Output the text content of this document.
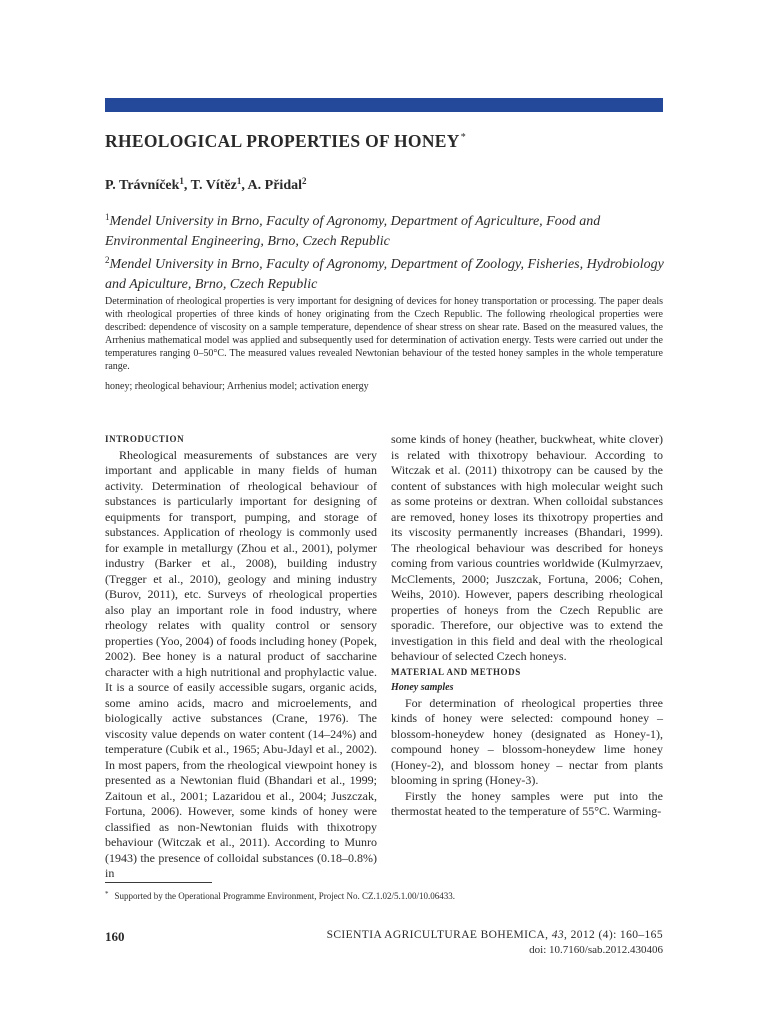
RHEOLOGICAL PROPERTIES OF HONEY*

P. Trávníček$^1$, T. Vítěz$^1$, A. Přidal$^2$

$^1$Mendel University in Brno, Faculty of Agronomy, Department of Agriculture, Food and Environmental Engineering, Brno, Czech Republic

$^2$Mendel University in Brno, Faculty of Agronomy, Department of Zoology, Fisheries, Hydrobiology and Apiculture, Brno, Czech Republic

Determination of rheological properties is very important for designing of devices for honey transportation or processing. The paper deals with rheological properties of three kinds of honey originating from the Czech Republic. The following rheological properties were described: dependence of viscosity on a sample temperature, dependence of shear stress on shear rate. Based on the measured values, the Arrhenius mathematical model was applied and subsequently used for determination of activation energy. Tests were carried out under the temperatures ranging 0–50°C. The measured values revealed Newtonian behaviour of the tested honey samples in the whole temperature range.

honey; rheological behaviour; Arrhenius model; activation energy

INTRODUCTION

Rheological measurements of substances are very important and applicable in many fields of human activity. Determination of rheological behaviour of substances is particularly important for designing of equipments for transport, pumping, and storage of substances. Application of rheology is commonly used for example in metallurgy (Zhou et al., 2001), polymer industry (Barker et al., 2008), building industry (Tregger et al., 2010), geology and mining industry (Burov, 2011), etc. Surveys of rheological properties also play an important role in food industry, where rheology relates with quality control or sensory properties (Yoo, 2004) of foods including honey (Popek, 2002). Bee honey is a natural product of saccharine character with a high nutritional and prophylactic value. It is a source of easily accessible sugars, organic acids, some amino acids, macro and microelements, and biologically active substances (Crane, 1976). The viscosity value depends on water content (14–24%) and temperature (Cubik et al., 1965; Abu-Jdayl et al., 2002). In most papers, from the rheological viewpoint honey is presented as a Newtonian fluid (Bhandari et al., 1999; Zaitoun et al., 2001; Lazaridou et al., 2004; Juszczak, Fortuna, 2006). However, some kinds of honey were classified as non-Newtonian fluids with thixotropy behaviour (Witczak et al., 2011). According to Munro (1943) the presence of colloidal substances (0.18–0.8%) in

some kinds of honey (heather, buckwheat, white clover) is related with thixotropy behaviour. According to Witczak et al. (2011) thixotropy can be caused by the content of substances with high molecular weight such as some proteins or dextran. When colloidal substances are removed, honey loses its thixotropy properties and its viscosity permanently increases (Bhandari, 1999). The rheological behaviour was described for honeys coming from various countries worldwide (Kulmyrzaev, McClements, 2000; Juszczak, Fortuna, 2006; Cohen, Weihs, 2010). However, papers describing rheological properties of honeys from the Czech Republic are sporadic. Therefore, our objective was to extend the investigation in this field and deal with the rheological behaviour of selected Czech honeys.

MATERIAL AND METHODS

Honey samples

For determination of rheological properties three kinds of honey were selected: compound honey – blossom-honeydew honey (designated as Honey-1), compound honey – blossom-honeydew lime honey (Honey-2), and blossom honey – nectar from plants blooming in spring (Honey-3).

Firstly the honey samples were put into the thermostat heated to the temperature of 55°C. Warming-

* Supported by the Operational Programme Environment, Project No. CZ.1.02/5.1.00/10.06433.

160	SCIENTIA AGRICULTURAE BOHEMICA, 43, 2012 (4): 160–165

doi: 10.7160/sab.2012.430406
